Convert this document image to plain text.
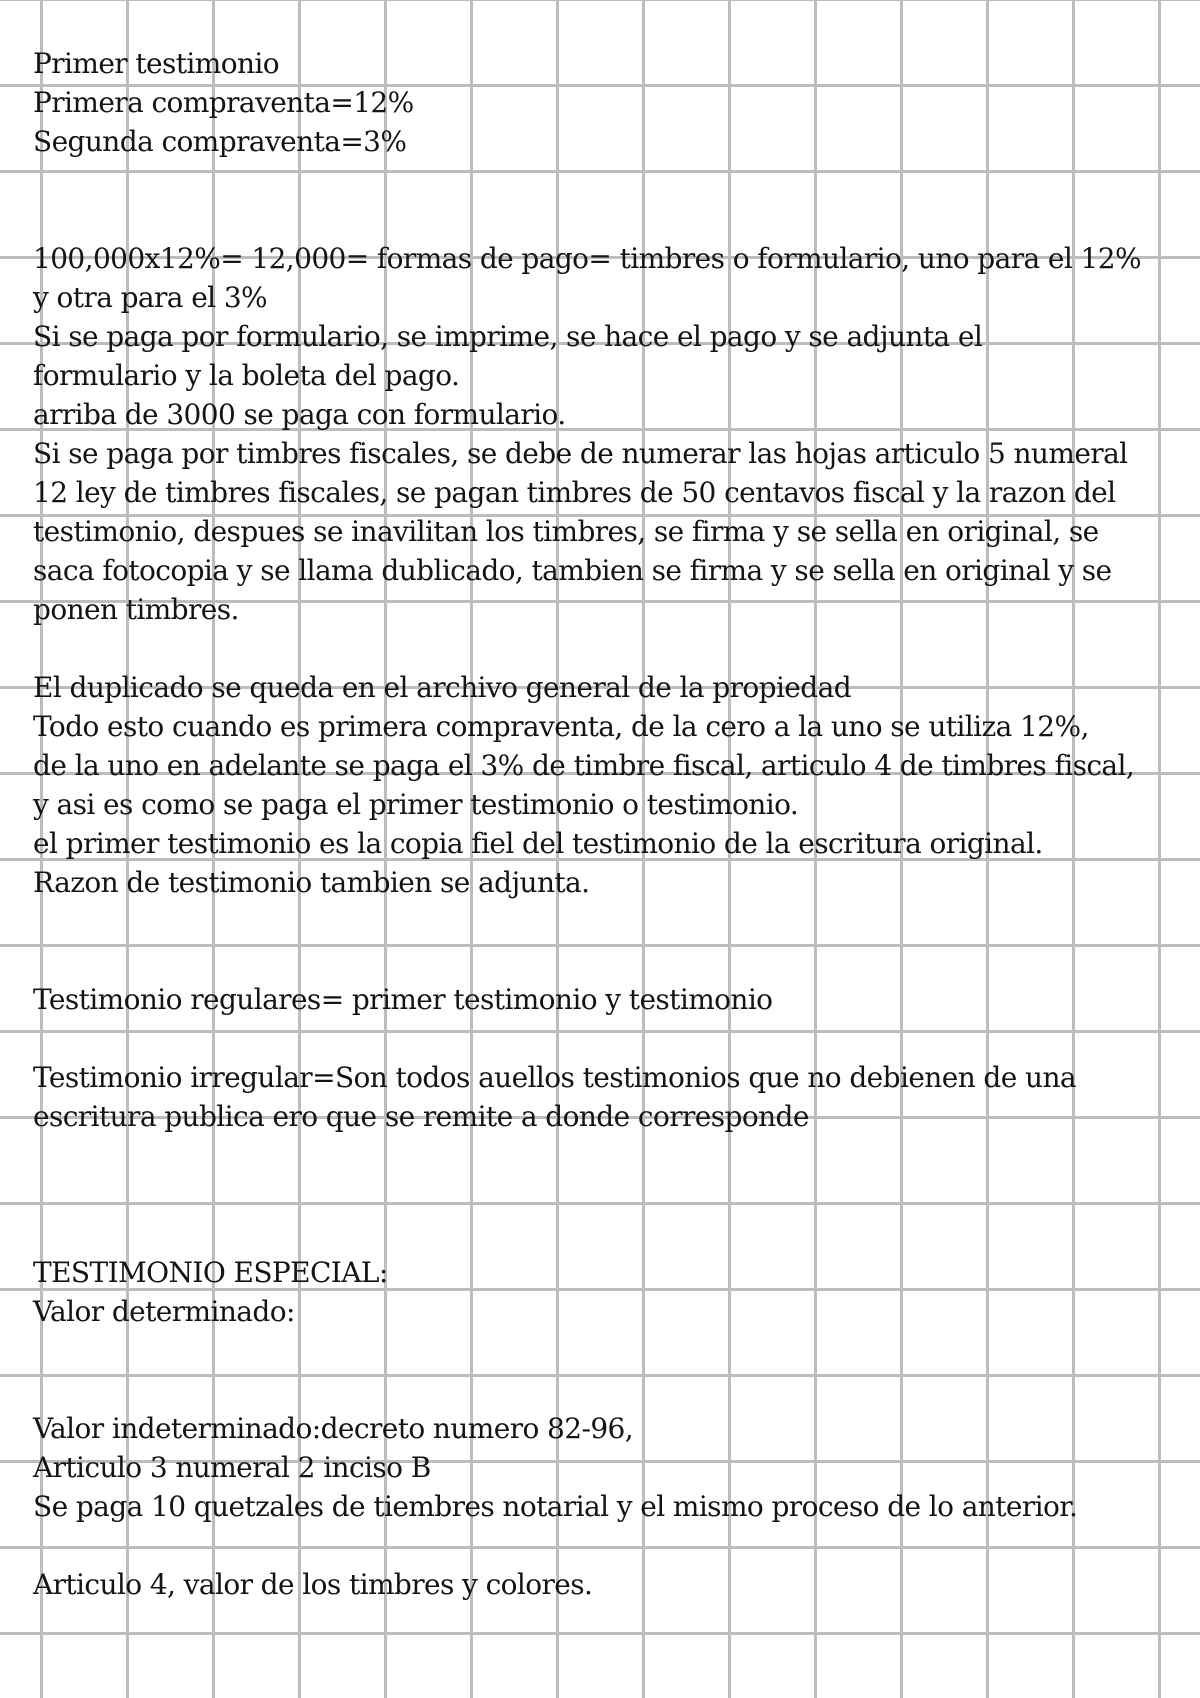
Primer testimonio
Primera compraventa=12%
Segunda compraventa=3%
100,000x12%= 12,000= formas de pago= timbres o formulario, uno para el 12%
y otra para el 3%
Si se paga por formulario, se imprime, se hace el pago y se adjunta el
formulario y la boleta del pago.
arriba de 3000 se paga con formulario.
Si se paga por timbres fiscales, se debe de numerar las hojas articulo 5 numeral
12 ley de timbres fiscales, se pagan timbres de 50 centavos fiscal y la razon del
testimonio, despues se inavilitan los timbres, se firma y se sella en original, se
saca fotocopia y se llama dublicado, tambien se firma y se sella en original y se
ponen timbres.
El duplicado se queda en el archivo general de la propiedad
Todo esto cuando es primera compraventa, de la cero a la uno se utiliza 12%,
de la uno en adelante se paga el 3% de timbre fiscal, articulo 4 de timbres fiscal,
y asi es como se paga el primer testimonio o testimonio.
el primer testimonio es la copia fiel del testimonio de la escritura original.
Razon de testimonio tambien se adjunta.
Testimonio regulares= primer testimonio y testimonio
Testimonio irregular=Son todos auellos testimonios que no debienen de una
escritura publica ero que se remite a donde corresponde
TESTIMONIO ESPECIAL:
Valor determinado:
Valor indeterminado:decreto numero 82-96,
Articulo 3 numeral 2 inciso B
Se paga 10 quetzales de tiembres notarial y el mismo proceso de lo anterior.
Articulo 4, valor de los timbres y colores.
